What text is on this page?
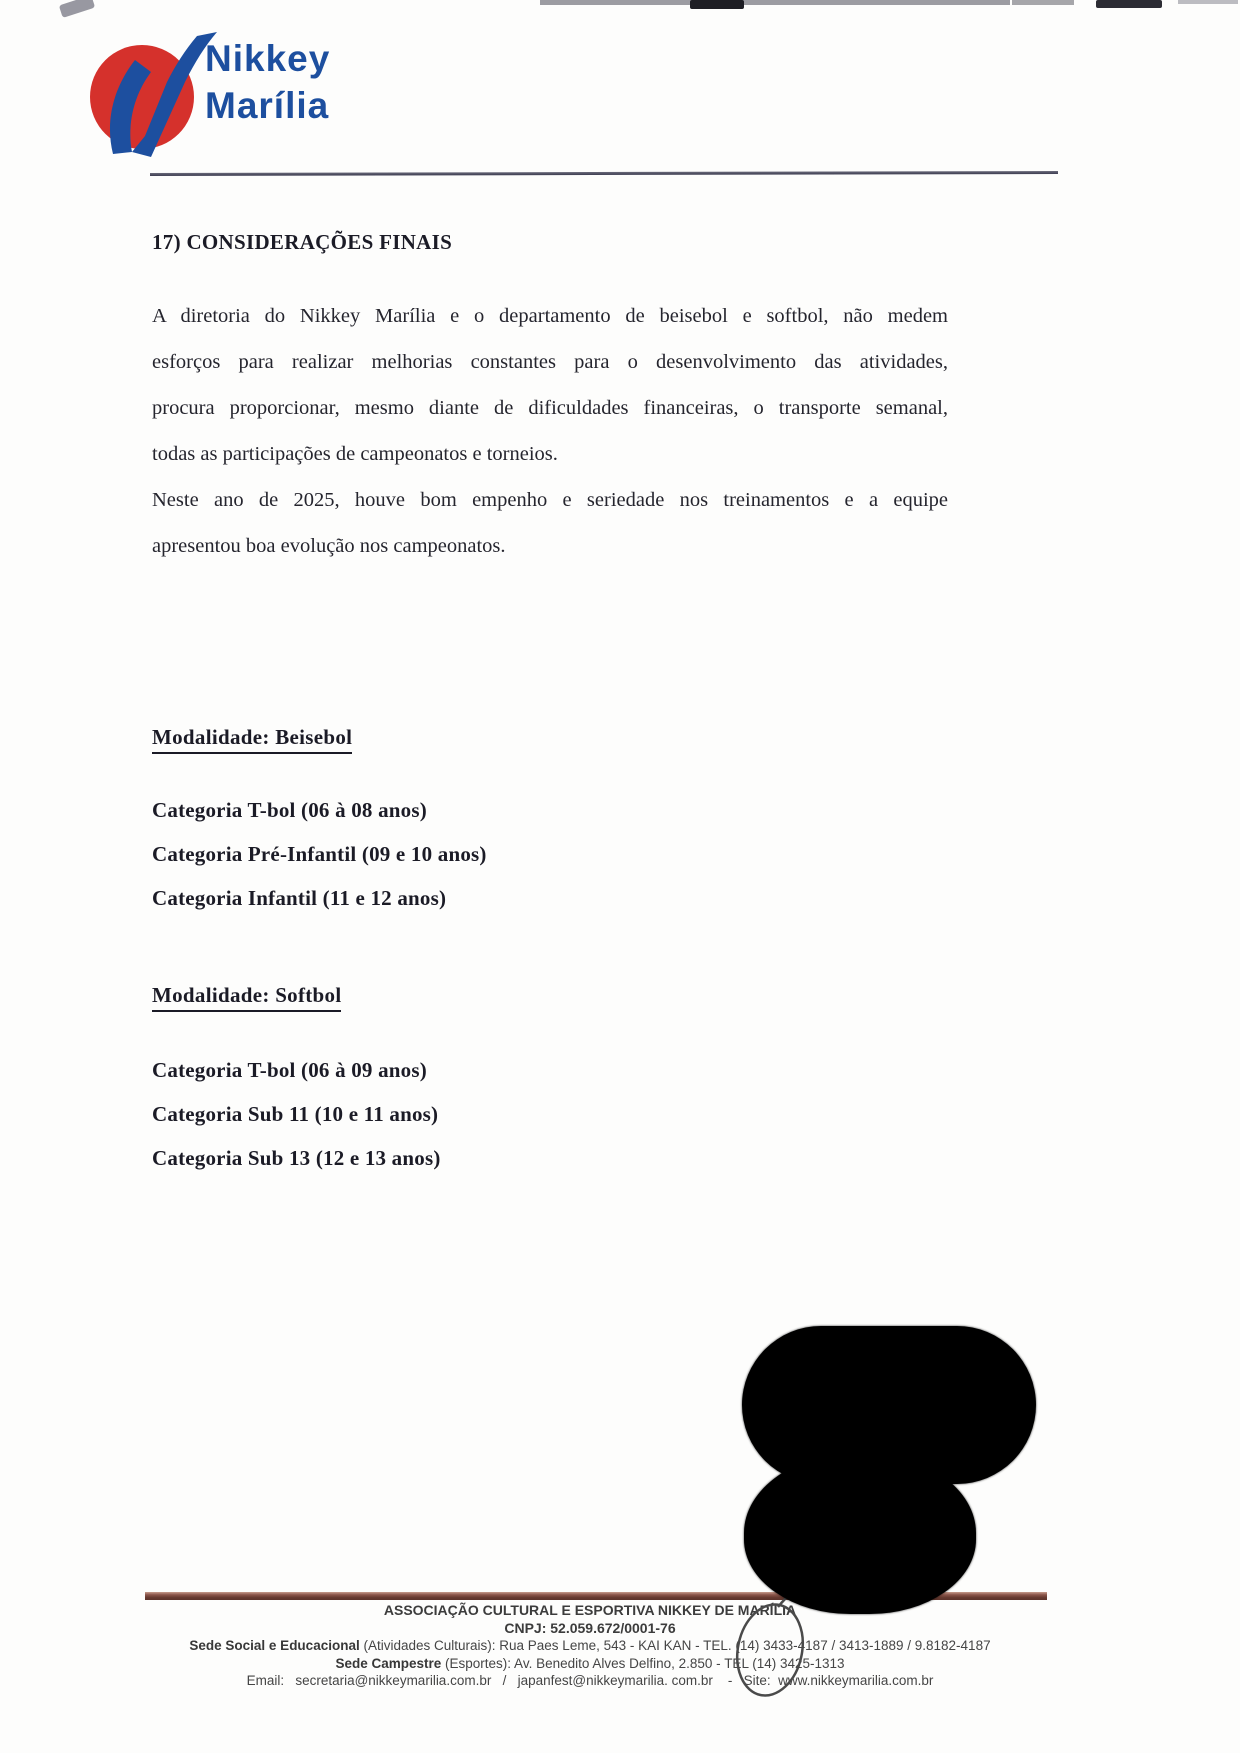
Nikkey
Marília
17) CONSIDERAÇÕES FINAIS
A diretoria do Nikkey Marília e o departamento de beisebol e softbol, não medem
esforços para realizar melhorias constantes para o desenvolvimento das atividades,
procura proporcionar, mesmo diante de dificuldades financeiras, o transporte semanal,
todas as participações de campeonatos e torneios.
Neste ano de 2025, houve bom empenho e seriedade nos treinamentos e a equipe
apresentou boa evolução nos campeonatos.
Modalidade: Beisebol
Categoria T-bol (06 à 08 anos)
Categoria Pré-Infantil (09 e 10 anos)
Categoria Infantil (11 e 12 anos)
Modalidade: Softbol
Categoria T-bol (06 à 09 anos)
Categoria Sub 11 (10 e 11 anos)
Categoria Sub 13 (12 e 13 anos)
ASSOCIAÇÃO CULTURAL E ESPORTIVA NIKKEY DE MARÍLIA
CNPJ: 52.059.672/0001-76
Sede Social e Educacional (Atividades Culturais): Rua Paes Leme, 543 - KAI KAN - TEL. (14) 3433-4187 / 3413-1889 / 9.8182-4187
Sede Campestre (Esportes): Av. Benedito Alves Delfino, 2.850 - TEL (14) 3425-1313
Email:   secretaria@nikkeymarilia.com.br   /   japanfest@nikkeymarilia. com.br    -   Site:  www.nikkeymarilia.com.br
